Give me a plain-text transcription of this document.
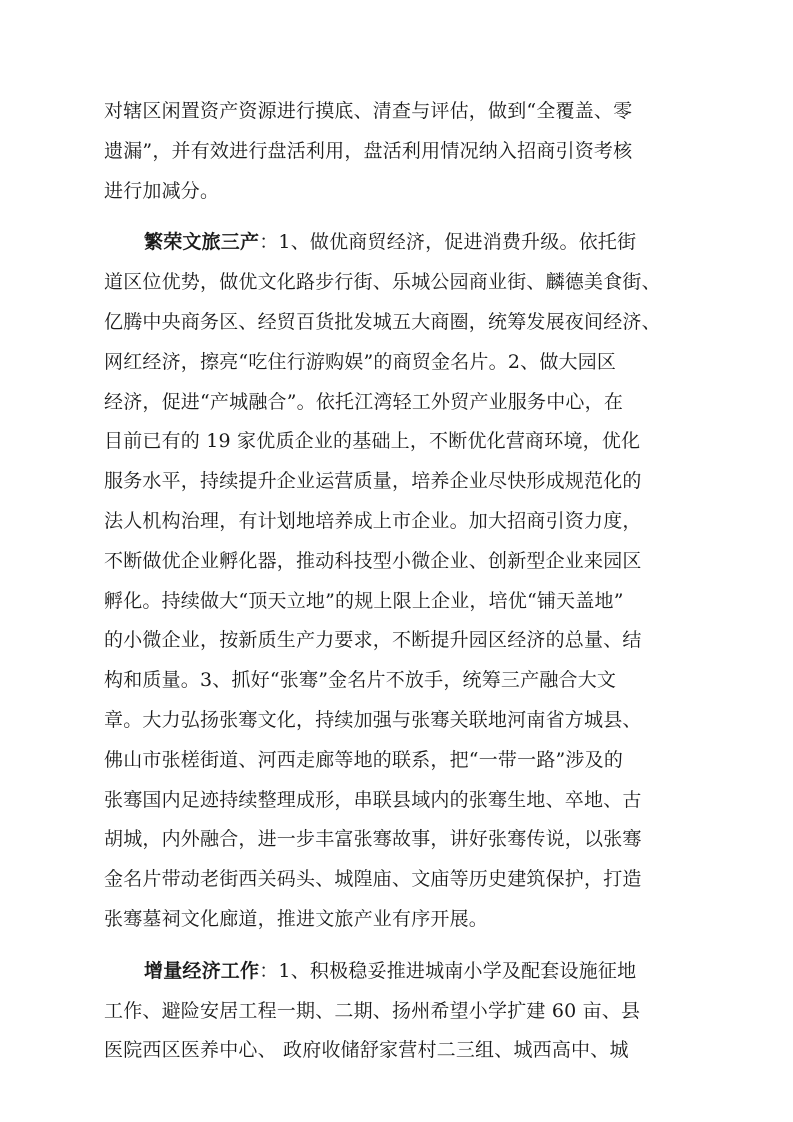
对辖区闲置资产资源进行摸底、清查与评估，做到“全覆盖、零
遗漏”，并有效进行盘活利用，盘活利用情况纳入招商引资考核
进行加减分。
繁荣文旅三产：1、做优商贸经济，促进消费升级。依托街
道区位优势，做优文化路步行街、乐城公园商业街、麟德美食街、
亿腾中央商务区、经贸百货批发城五大商圈，统筹发展夜间经济、
网红经济，擦亮“吃住行游购娱”的商贸金名片。2、做大园区
经济，促进“产城融合”。依托江湾轻工外贸产业服务中心，在
目前已有的 19 家优质企业的基础上，不断优化营商环境，优化
服务水平，持续提升企业运营质量，培养企业尽快形成规范化的
法人机构治理，有计划地培养成上市企业。加大招商引资力度，
不断做优企业孵化器，推动科技型小微企业、创新型企业来园区
孵化。持续做大“顶天立地”的规上限上企业，培优“铺天盖地”
的小微企业，按新质生产力要求，不断提升园区经济的总量、结
构和质量。3、抓好“张骞”金名片不放手，统筹三产融合大文
章。大力弘扬张骞文化，持续加强与张骞关联地河南省方城县、
佛山市张槎街道、河西走廊等地的联系，把“一带一路”涉及的
张骞国内足迹持续整理成形，串联县域内的张骞生地、卒地、古
胡城，内外融合，进一步丰富张骞故事，讲好张骞传说，以张骞
金名片带动老街西关码头、城隍庙、文庙等历史建筑保护，打造
张骞墓祠文化廊道，推进文旅产业有序开展。
增量经济工作：1、积极稳妥推进城南小学及配套设施征地
工作、避险安居工程一期、二期、扬州希望小学扩建 60 亩、县
医院西区医养中心、 政府收储舒家营村二三组、城西高中、城
